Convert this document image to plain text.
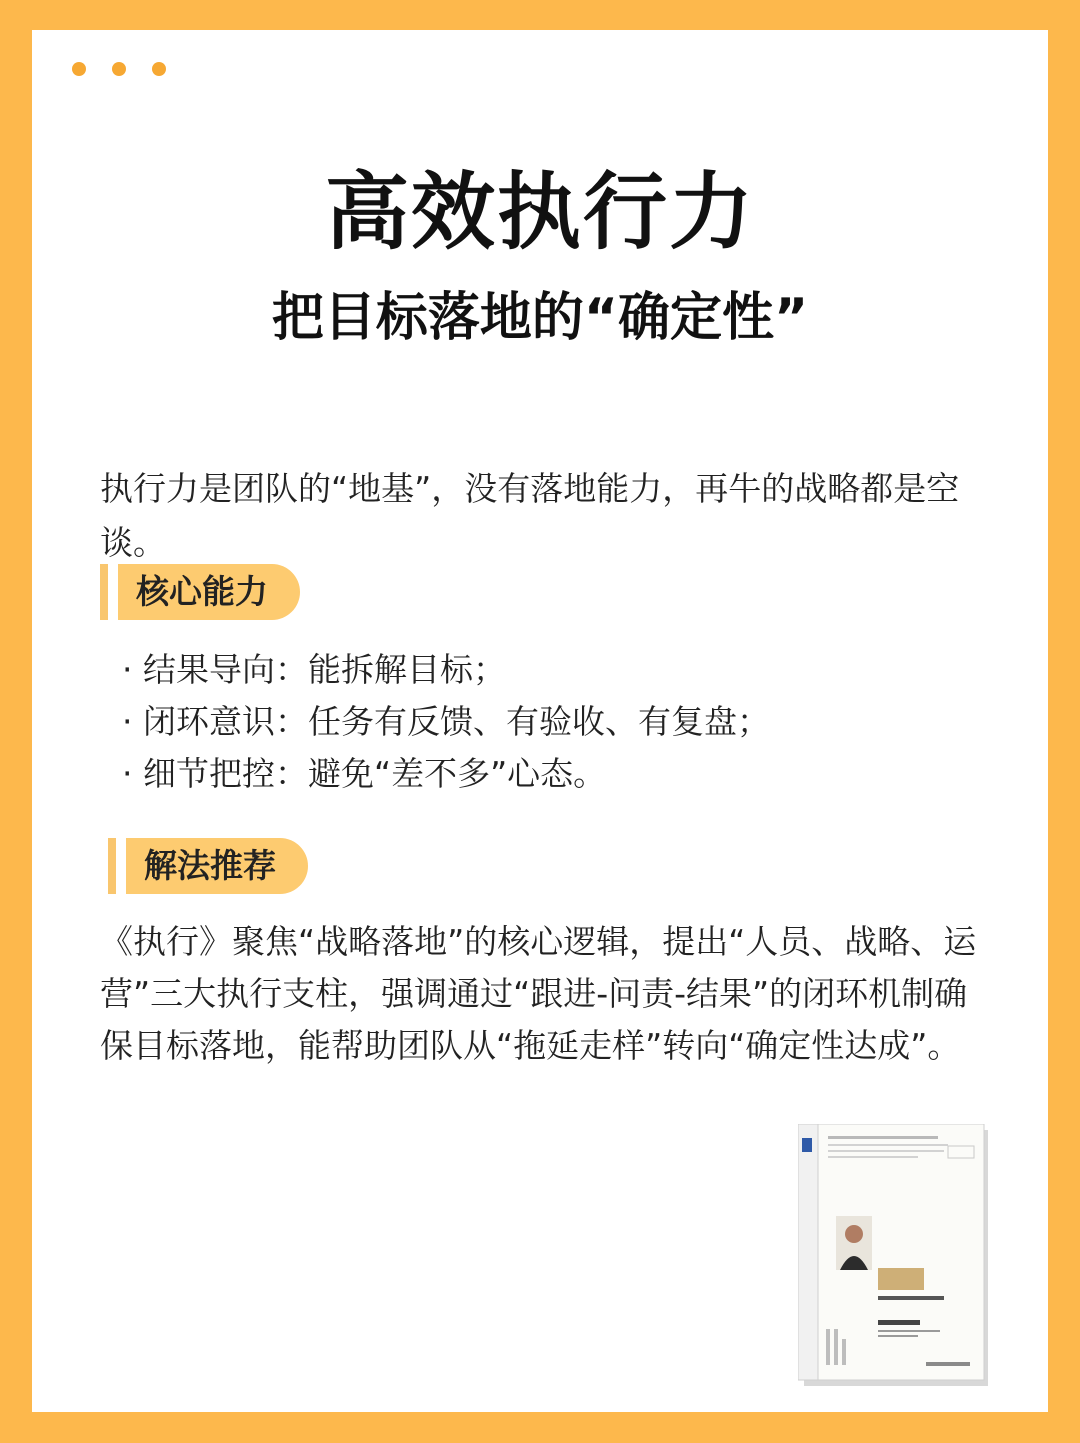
高效执行力
把目标落地的“确定性”
执行力是团队的“地基”，没有落地能力，再牛的战略都是空谈。
核心能力
· 结果导向：能拆解目标；
· 闭环意识：任务有反馈、有验收、有复盘；
· 细节把控：避免“差不多”心态。
解法推荐
《执行》聚焦“战略落地”的核心逻辑，提出“人员、战略、运营”三大执行支柱，强调通过“跟进-问责-结果”的闭环机制确保目标落地，能帮助团队从“拖延走样”转向“确定性达成”。
